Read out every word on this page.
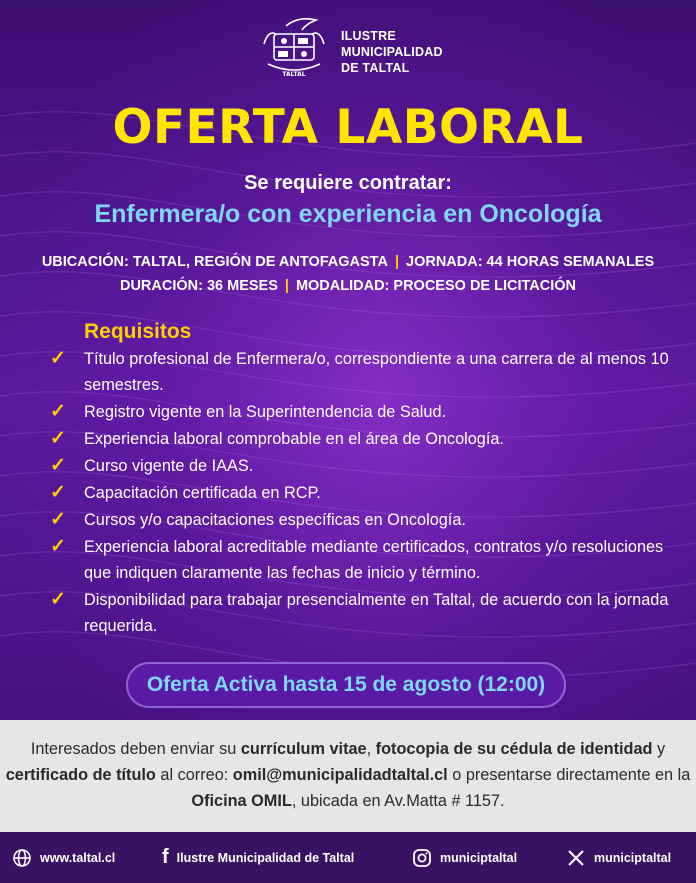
TALTAL
ILUSTRE
MUNICIPALIDAD
DE TALTAL
OFERTA LABORAL
Se requiere contratar:
Enfermera/o con experiencia en Oncología
UBICACIÓN: TALTAL, REGIÓN DE ANTOFAGASTA | JORNADA: 44 HORAS SEMANALES
DURACIÓN: 36 MESES | MODALIDAD: PROCESO DE LICITACIÓN
Requisitos
✓ Título profesional de Enfermera/o, correspondiente a una carrera de al menos 10 semestres.
✓ Registro vigente en la Superintendencia de Salud.
✓ Experiencia laboral comprobable en el área de Oncología.
✓ Curso vigente de IAAS.
✓ Capacitación certificada en RCP.
✓ Cursos y/o capacitaciones específicas en Oncología.
✓ Experiencia laboral acreditable mediante certificados, contratos y/o resoluciones que indiquen claramente las fechas de inicio y término.
✓ Disponibilidad para trabajar presencialmente en Taltal, de acuerdo con la jornada requerida.
Oferta Activa hasta 15 de agosto (12:00)

Interesados deben enviar su currículum vitae, fotocopia de su cédula de identidad y certificado de título al correo: omil@municipalidadtaltal.cl o presentarse directamente en la Oficina OMIL, ubicada en Av.Matta # 1157.

www.taltal.cl f Ilustre Municipalidad de Taltal	municiptaltal	municiptaltal
